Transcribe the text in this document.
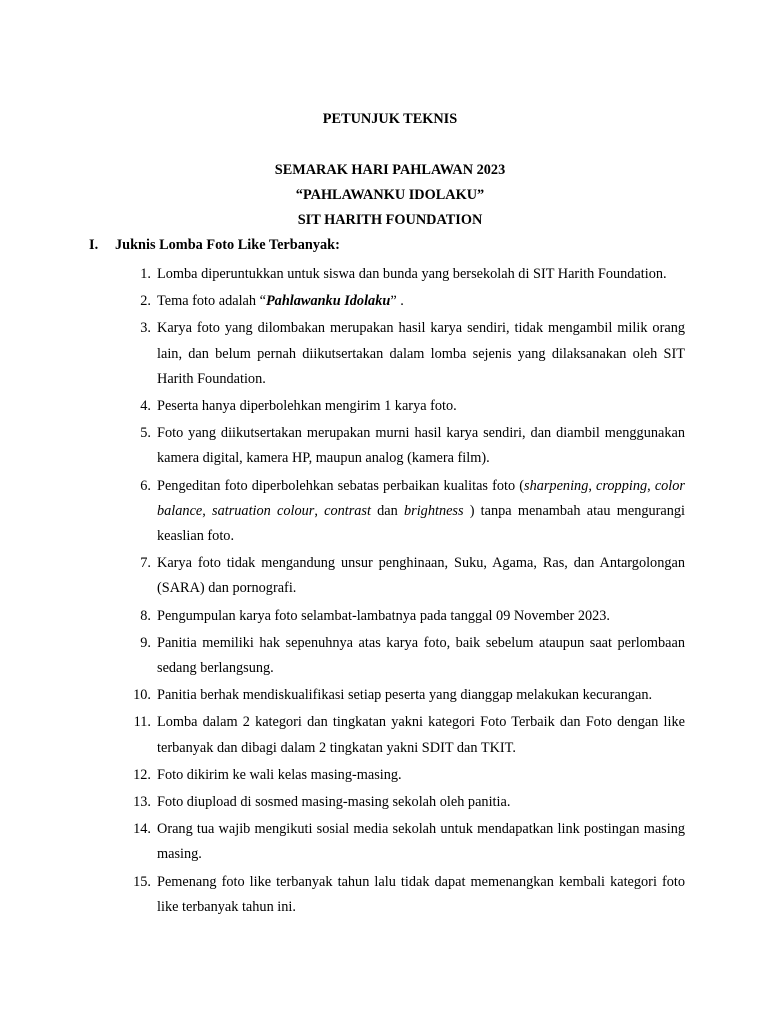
PETUNJUK TEKNIS
SEMARAK HARI PAHLAWAN 2023
“PAHLAWANKU IDOLAKU”
SIT HARITH FOUNDATION
I. Juknis Lomba Foto Like Terbanyak:
1. Lomba diperuntukkan untuk siswa dan bunda yang bersekolah di SIT Harith Foundation.
2. Tema foto adalah “Pahlawanku Idolaku” .
3. Karya foto yang dilombakan merupakan hasil karya sendiri, tidak mengambil milik orang lain, dan belum pernah diikutsertakan dalam lomba sejenis yang dilaksanakan oleh SIT Harith Foundation.
4. Peserta hanya diperbolehkan mengirim 1 karya foto.
5. Foto yang diikutsertakan merupakan murni hasil karya sendiri, dan diambil menggunakan kamera digital, kamera HP, maupun analog (kamera film).
6. Pengeditan foto diperbolehkan sebatas perbaikan kualitas foto (sharpening, cropping, color balance, satruation colour, contrast dan brightness ) tanpa menambah atau mengurangi keaslian foto.
7. Karya foto tidak mengandung unsur penghinaan, Suku, Agama, Ras, dan Antargolongan (SARA) dan pornografi.
8. Pengumpulan karya foto selambat-lambatnya pada tanggal 09 November 2023.
9. Panitia memiliki hak sepenuhnya atas karya foto, baik sebelum ataupun saat perlombaan sedang berlangsung.
10. Panitia berhak mendiskualifikasi setiap peserta yang dianggap melakukan kecurangan.
11. Lomba dalam 2 kategori dan tingkatan yakni kategori Foto Terbaik dan Foto dengan like terbanyak dan dibagi dalam 2 tingkatan yakni SDIT dan TKIT.
12. Foto dikirim ke wali kelas masing-masing.
13. Foto diupload di sosmed masing-masing sekolah oleh panitia.
14. Orang tua wajib mengikuti sosial media sekolah untuk mendapatkan link postingan masing masing.
15. Pemenang foto like terbanyak tahun lalu tidak dapat memenangkan kembali kategori foto like terbanyak tahun ini.
